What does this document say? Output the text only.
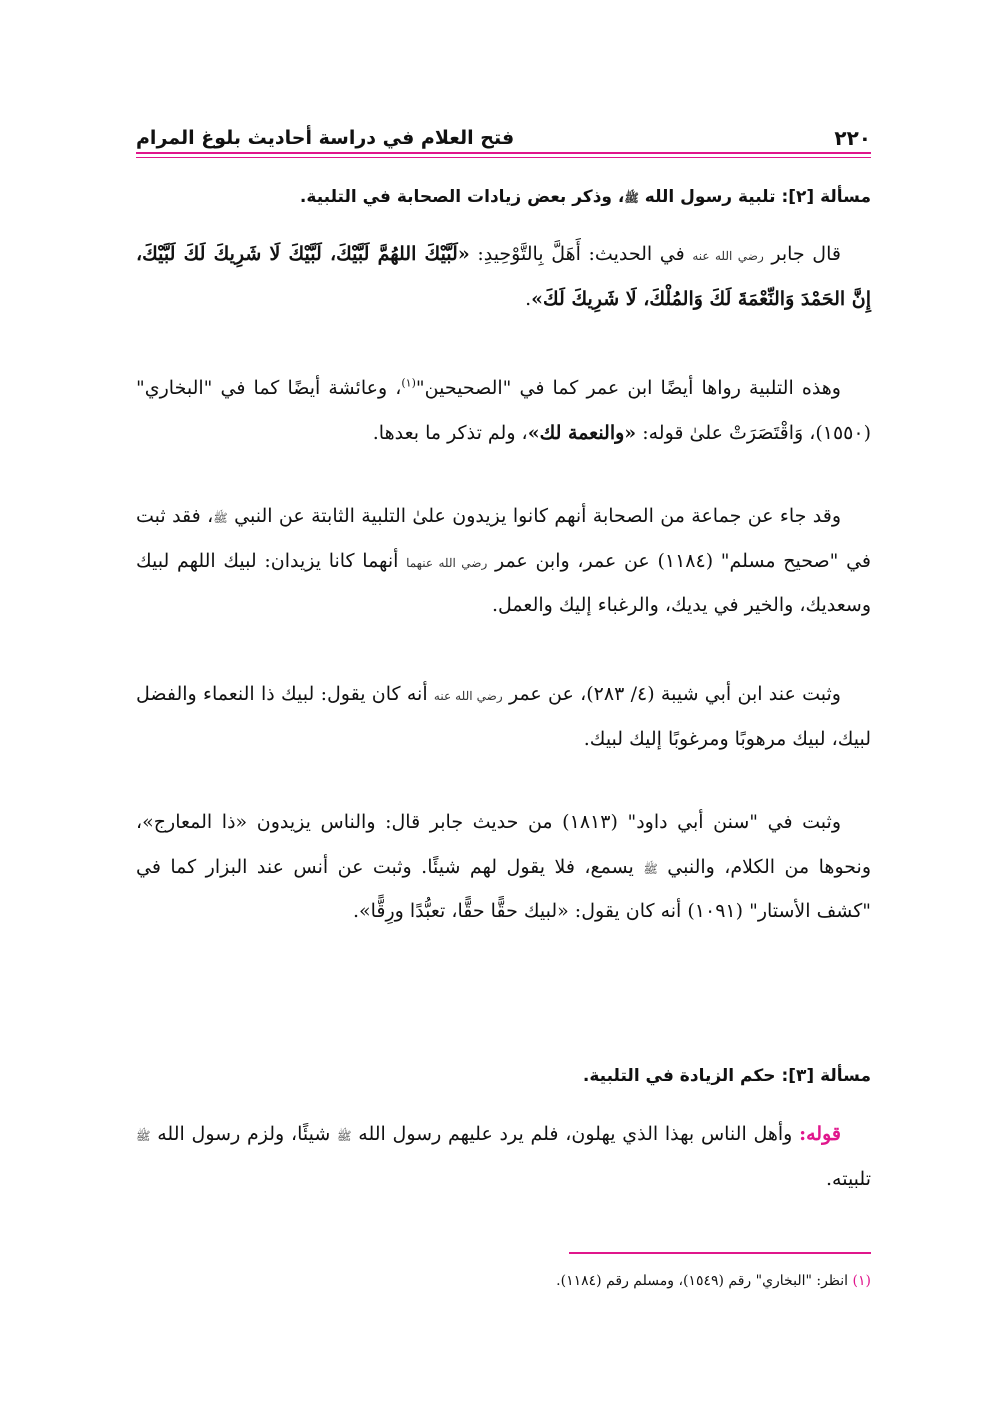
٢٢٠
فتح العلام في دراسة أحاديث بلوغ المرام
مسألة [٢]: تلبية رسول الله ﷺ، وذكر بعض زيادات الصحابة في التلبية.

قال جابر رضي الله عنه في الحديث: أَهَلَّ بِالتَّوْحِيدِ: «لَبَّيْكَ اللهُمَّ لَبَّيْكَ، لَبَّيْكَ لَا شَرِيكَ لَكَ لَبَّيْكَ، إِنَّ الحَمْدَ وَالنِّعْمَةَ لَكَ وَالمُلْكَ، لَا شَرِيكَ لَكَ».

وهذه التلبية رواها أيضًا ابن عمر كما في "الصحيحين"$^{(١)}$، وعائشة أيضًا كما في "البخاري" (١٥٥٠)، وَاقْتَصَرَتْ علىٰ قوله: «والنعمة لك»، ولم تذكر ما بعدها.

وقد جاء عن جماعة من الصحابة أنهم كانوا يزيدون علىٰ التلبية الثابتة عن النبي ﷺ، فقد ثبت في "صحيح مسلم" (١١٨٤) عن عمر، وابن عمر رضي الله عنهما أنهما كانا يزيدان: لبيك اللهم لبيك وسعديك، والخير في يديك، والرغباء إليك والعمل.

وثبت عند ابن أبي شيبة (٤/ ٢٨٣)، عن عمر رضي الله عنه أنه كان يقول: لبيك ذا النعماء والفضل لبيك، لبيك مرهوبًا ومرغوبًا إليك لبيك.

وثبت في "سنن أبي داود" (١٨١٣) من حديث جابر قال: والناس يزيدون «ذا المعارج»، ونحوها من الكلام، والنبي ﷺ يسمع، فلا يقول لهم شيئًا. وثبت عن أنس عند البزار كما في "كشف الأستار" (١٠٩١) أنه كان يقول: «لبيك حقًّا حقًّا، تعبُّدًا ورِقًّا».

مسألة [٣]: حكم الزيادة في التلبية.

قوله: وأهل الناس بهذا الذي يهلون، فلم يرد عليهم رسول الله ﷺ شيئًا، ولزم رسول الله ﷺ تلبيته.

(١) انظر: "البخاري" رقم (١٥٤٩)، ومسلم رقم (١١٨٤).
